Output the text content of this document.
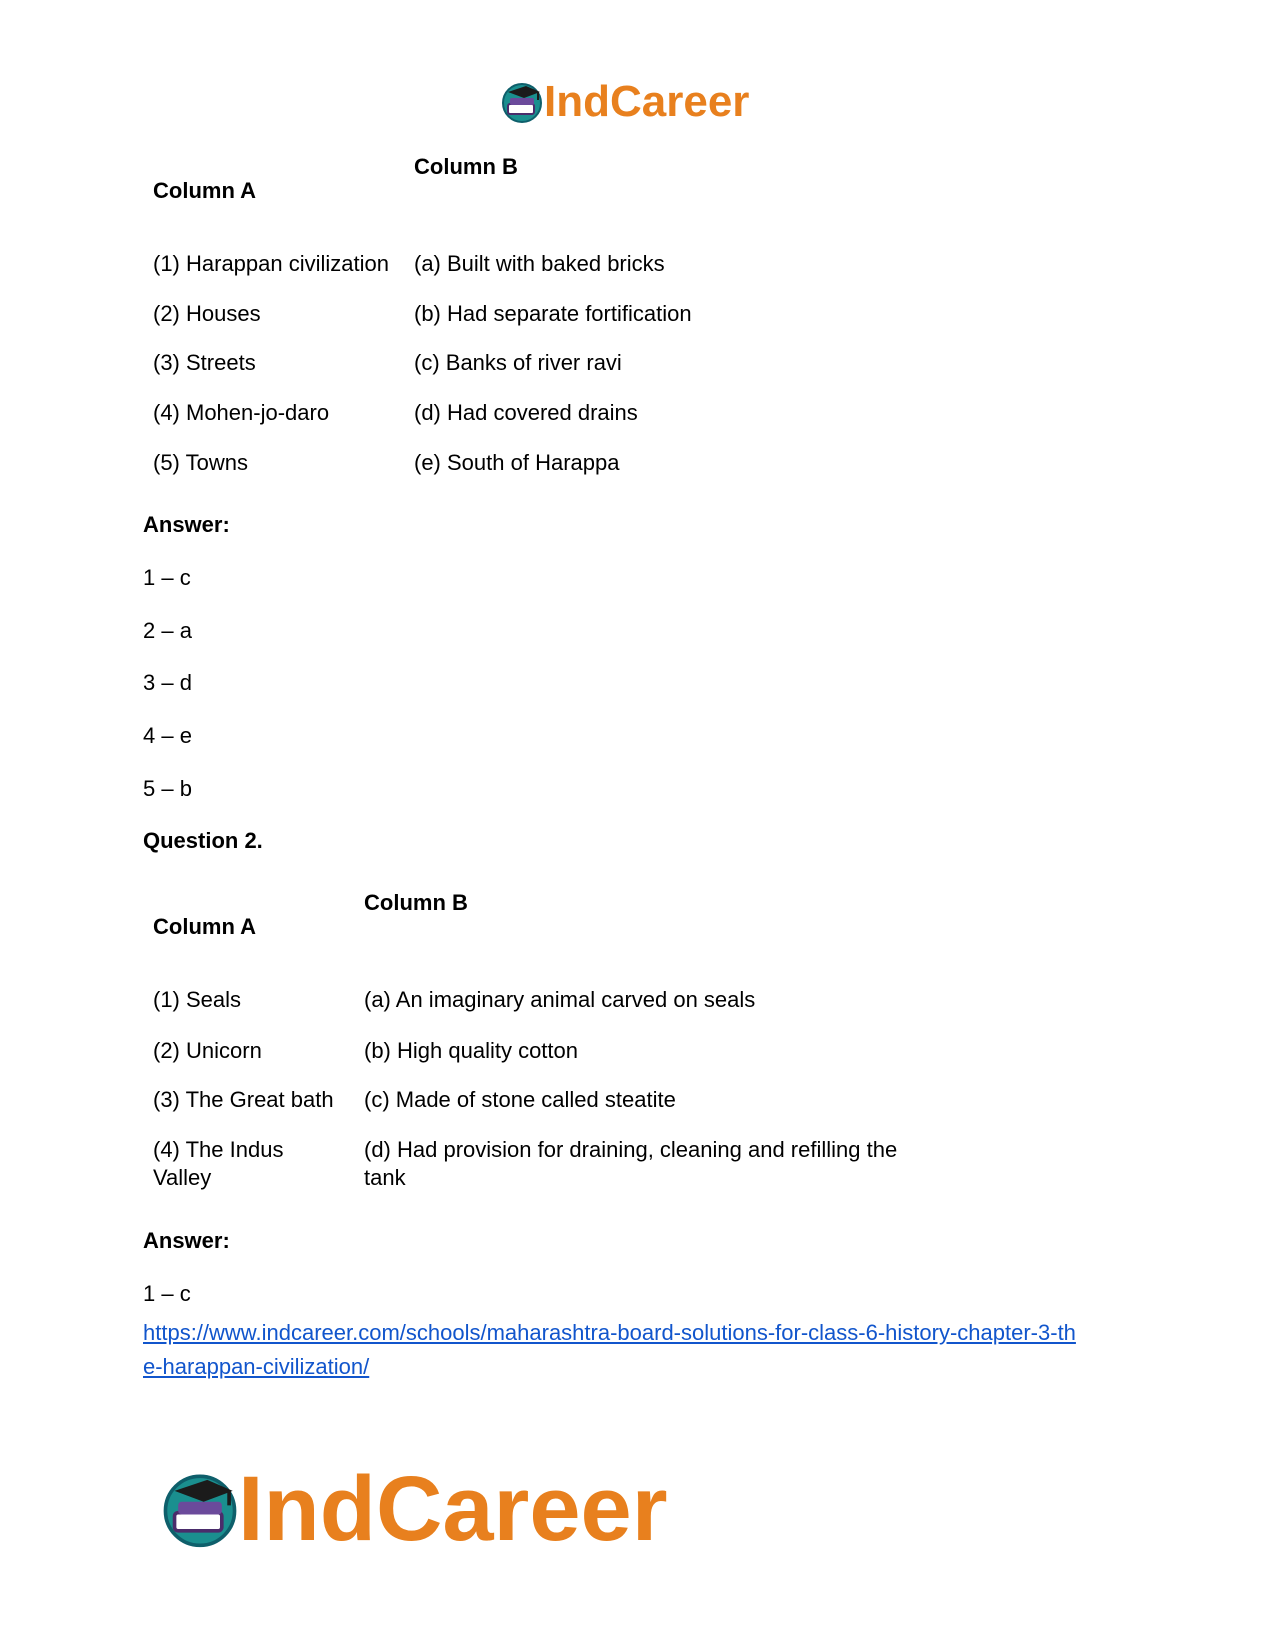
IndCareer
Column A
Column B
(1) Harappan civilization (a) Built with baked bricks
(2) Houses	(b) Had separate fortification
(3) Streets	(c) Banks of river ravi
(4) Mohen-jo-daro	(d) Had covered drains
(5) Towns	(e) South of Harappa
Answer:
1 – c
2 – a
3 – d
4 – e
5 – b
Question 2.
Column A
Column B
(1) Seals	(a) An imaginary animal carved on seals
(2) Unicorn	(b) High quality cotton
(3) The Great bath (c) Made of stone called steatite
(4) The Indus Valley
(d) Had provision for draining, cleaning and refilling the tank
Answer:
1 – c
https://www.indcareer.com/schools/maharashtra-board-solutions-for-class-6-history-chapter-3-th
e-harappan-civilization/
IndCareer
